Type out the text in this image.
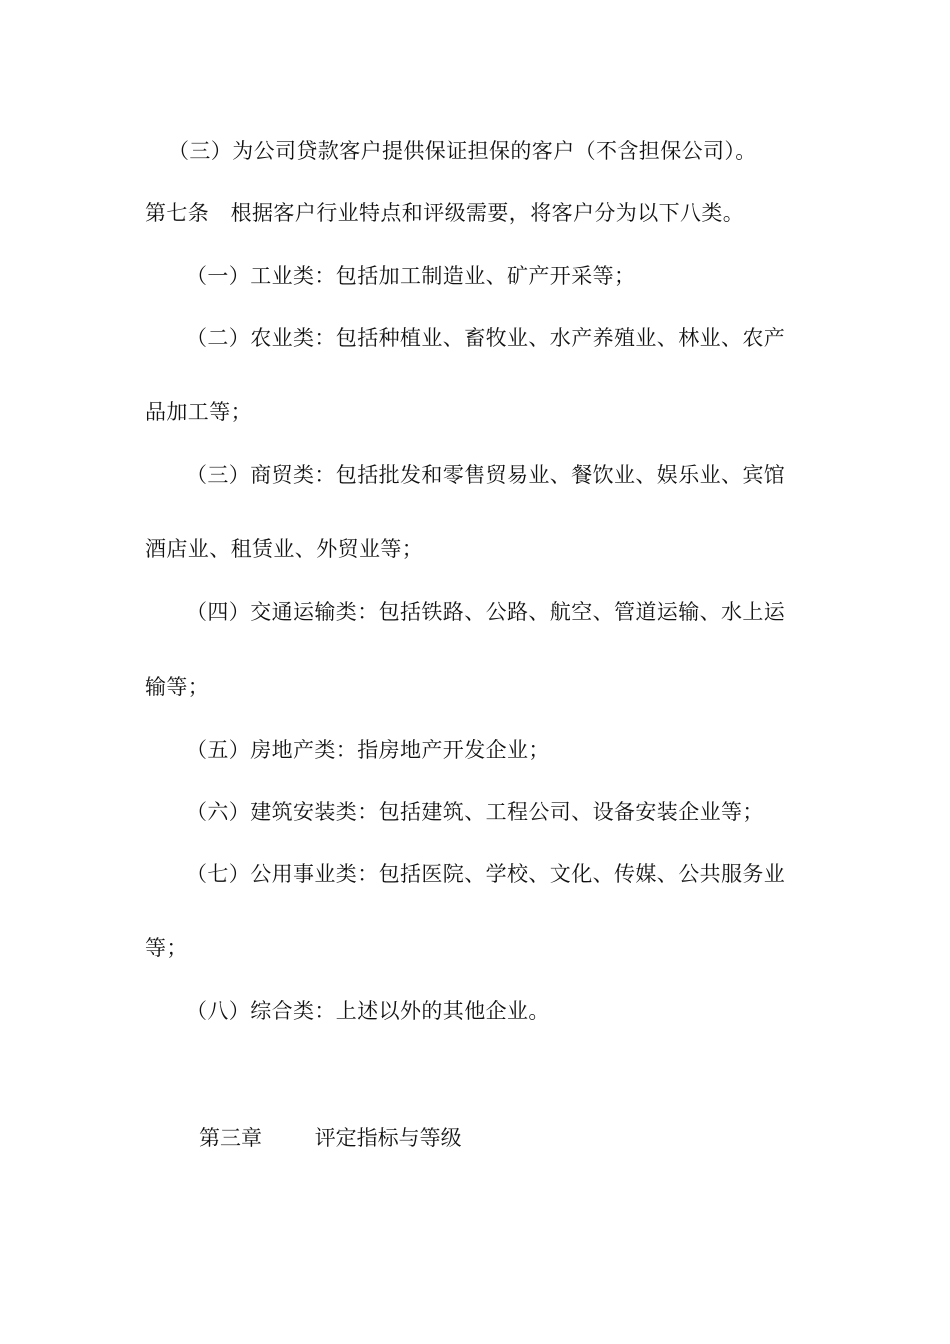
（三）为公司贷款客户提供保证担保的客户（不含担保公司）。
第七条　根据客户行业特点和评级需要，将客户分为以下八类。
（一）工业类：包括加工制造业、矿产开采等；
（二）农业类：包括种植业、畜牧业、水产养殖业、林业、农产
品加工等；
（三）商贸类：包括批发和零售贸易业、餐饮业、娱乐业、宾馆
酒店业、租赁业、外贸业等；
（四）交通运输类：包括铁路、公路、航空、管道运输、水上运
输等；
（五）房地产类：指房地产开发企业；
（六）建筑安装类：包括建筑、工程公司、设备安装企业等；
（七）公用事业类：包括医院、学校、文化、传媒、公共服务业
等；
（八）综合类：上述以外的其他企业。
第三章	评定指标与等级
